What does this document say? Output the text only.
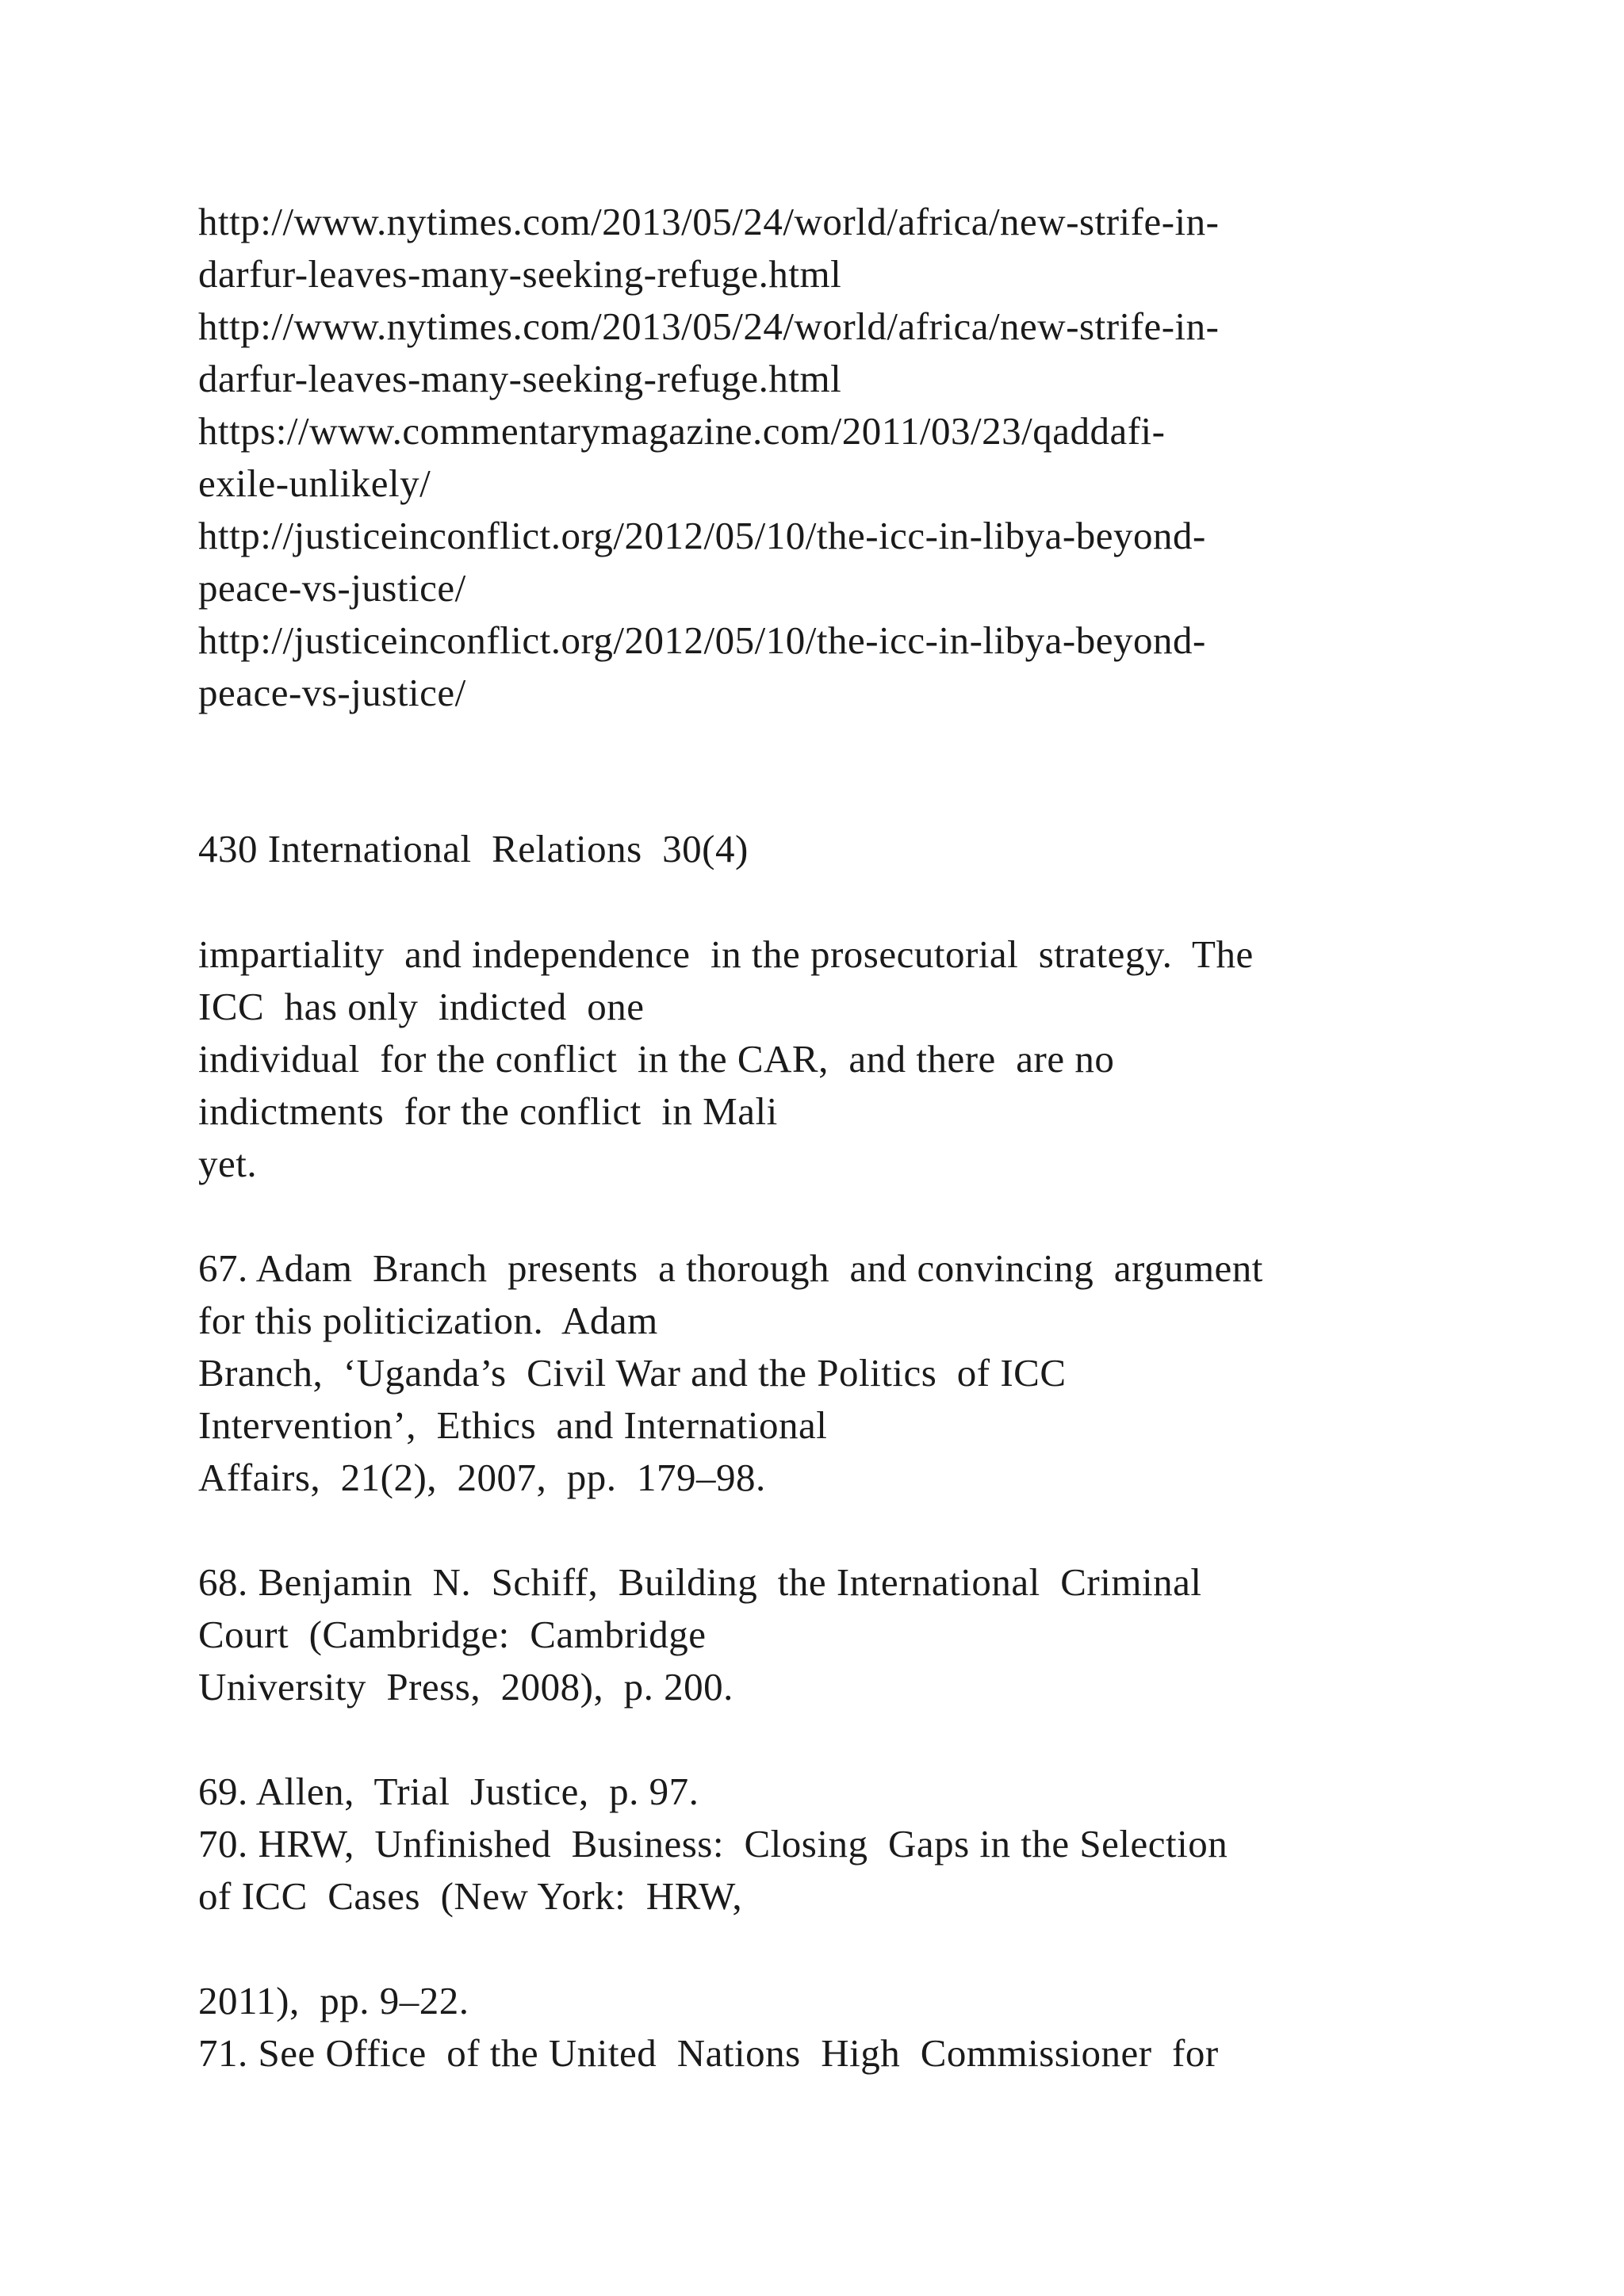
http://www.nytimes.com/2013/05/24/world/africa/new-strife-in-

darfur-leaves-many-seeking-refuge.html

http://www.nytimes.com/2013/05/24/world/africa/new-strife-in-

darfur-leaves-many-seeking-refuge.html

https://www.commentarymagazine.com/2011/03/23/qaddafi-

exile-unlikely/

http://justiceinconflict.org/2012/05/10/the-icc-in-libya-beyond-

peace-vs-justice/

http://justiceinconflict.org/2012/05/10/the-icc-in-libya-beyond-

peace-vs-justice/

430 International  Relations  30(4)

impartiality  and independence  in the prosecutorial  strategy.  The

ICC  has only  indicted  one

individual  for the conflict  in the CAR,  and there  are no

indictments  for the conflict  in Mali

yet.

67. Adam  Branch  presents  a thorough  and convincing  argument

for this politicization.  Adam

Branch,  ‘Uganda’s  Civil War and the Politics  of ICC

Intervention’,  Ethics  and International

Affairs,  21(2),  2007,  pp.  179–98.

68. Benjamin  N.  Schiff,  Building  the International  Criminal

Court  (Cambridge:  Cambridge

University  Press,  2008),  p. 200.

69. Allen,  Trial  Justice,  p. 97.

70. HRW,  Unfinished  Business:  Closing  Gaps in the Selection

of ICC  Cases  (New York:  HRW,

2011),  pp. 9–22.

71. See Office  of the United  Nations  High  Commissioner  for
